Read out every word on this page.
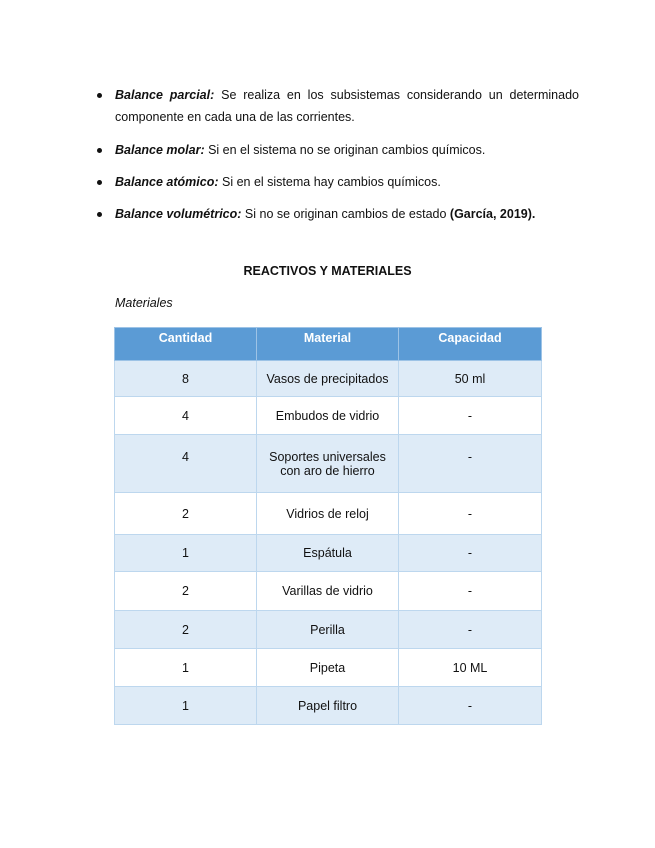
Balance parcial: Se realiza en los subsistemas considerando un determinado componente en cada una de las corrientes.
Balance molar: Si en el sistema no se originan cambios químicos.
Balance atómico: Si en el sistema hay cambios químicos.
Balance volumétrico: Si no se originan cambios de estado (García, 2019).
REACTIVOS Y MATERIALES
Materiales
Cantidad	Material	Capacidad
8	Vasos de precipitados	50 ml
4	Embudos de vidrio	-
4	Soportes universales con aro de hierro	-
2	Vidrios de reloj	-
1	Espátula	-
2	Varillas de vidrio	-
2	Perilla	-
1	Pipeta	10 ML
1	Papel filtro	-
